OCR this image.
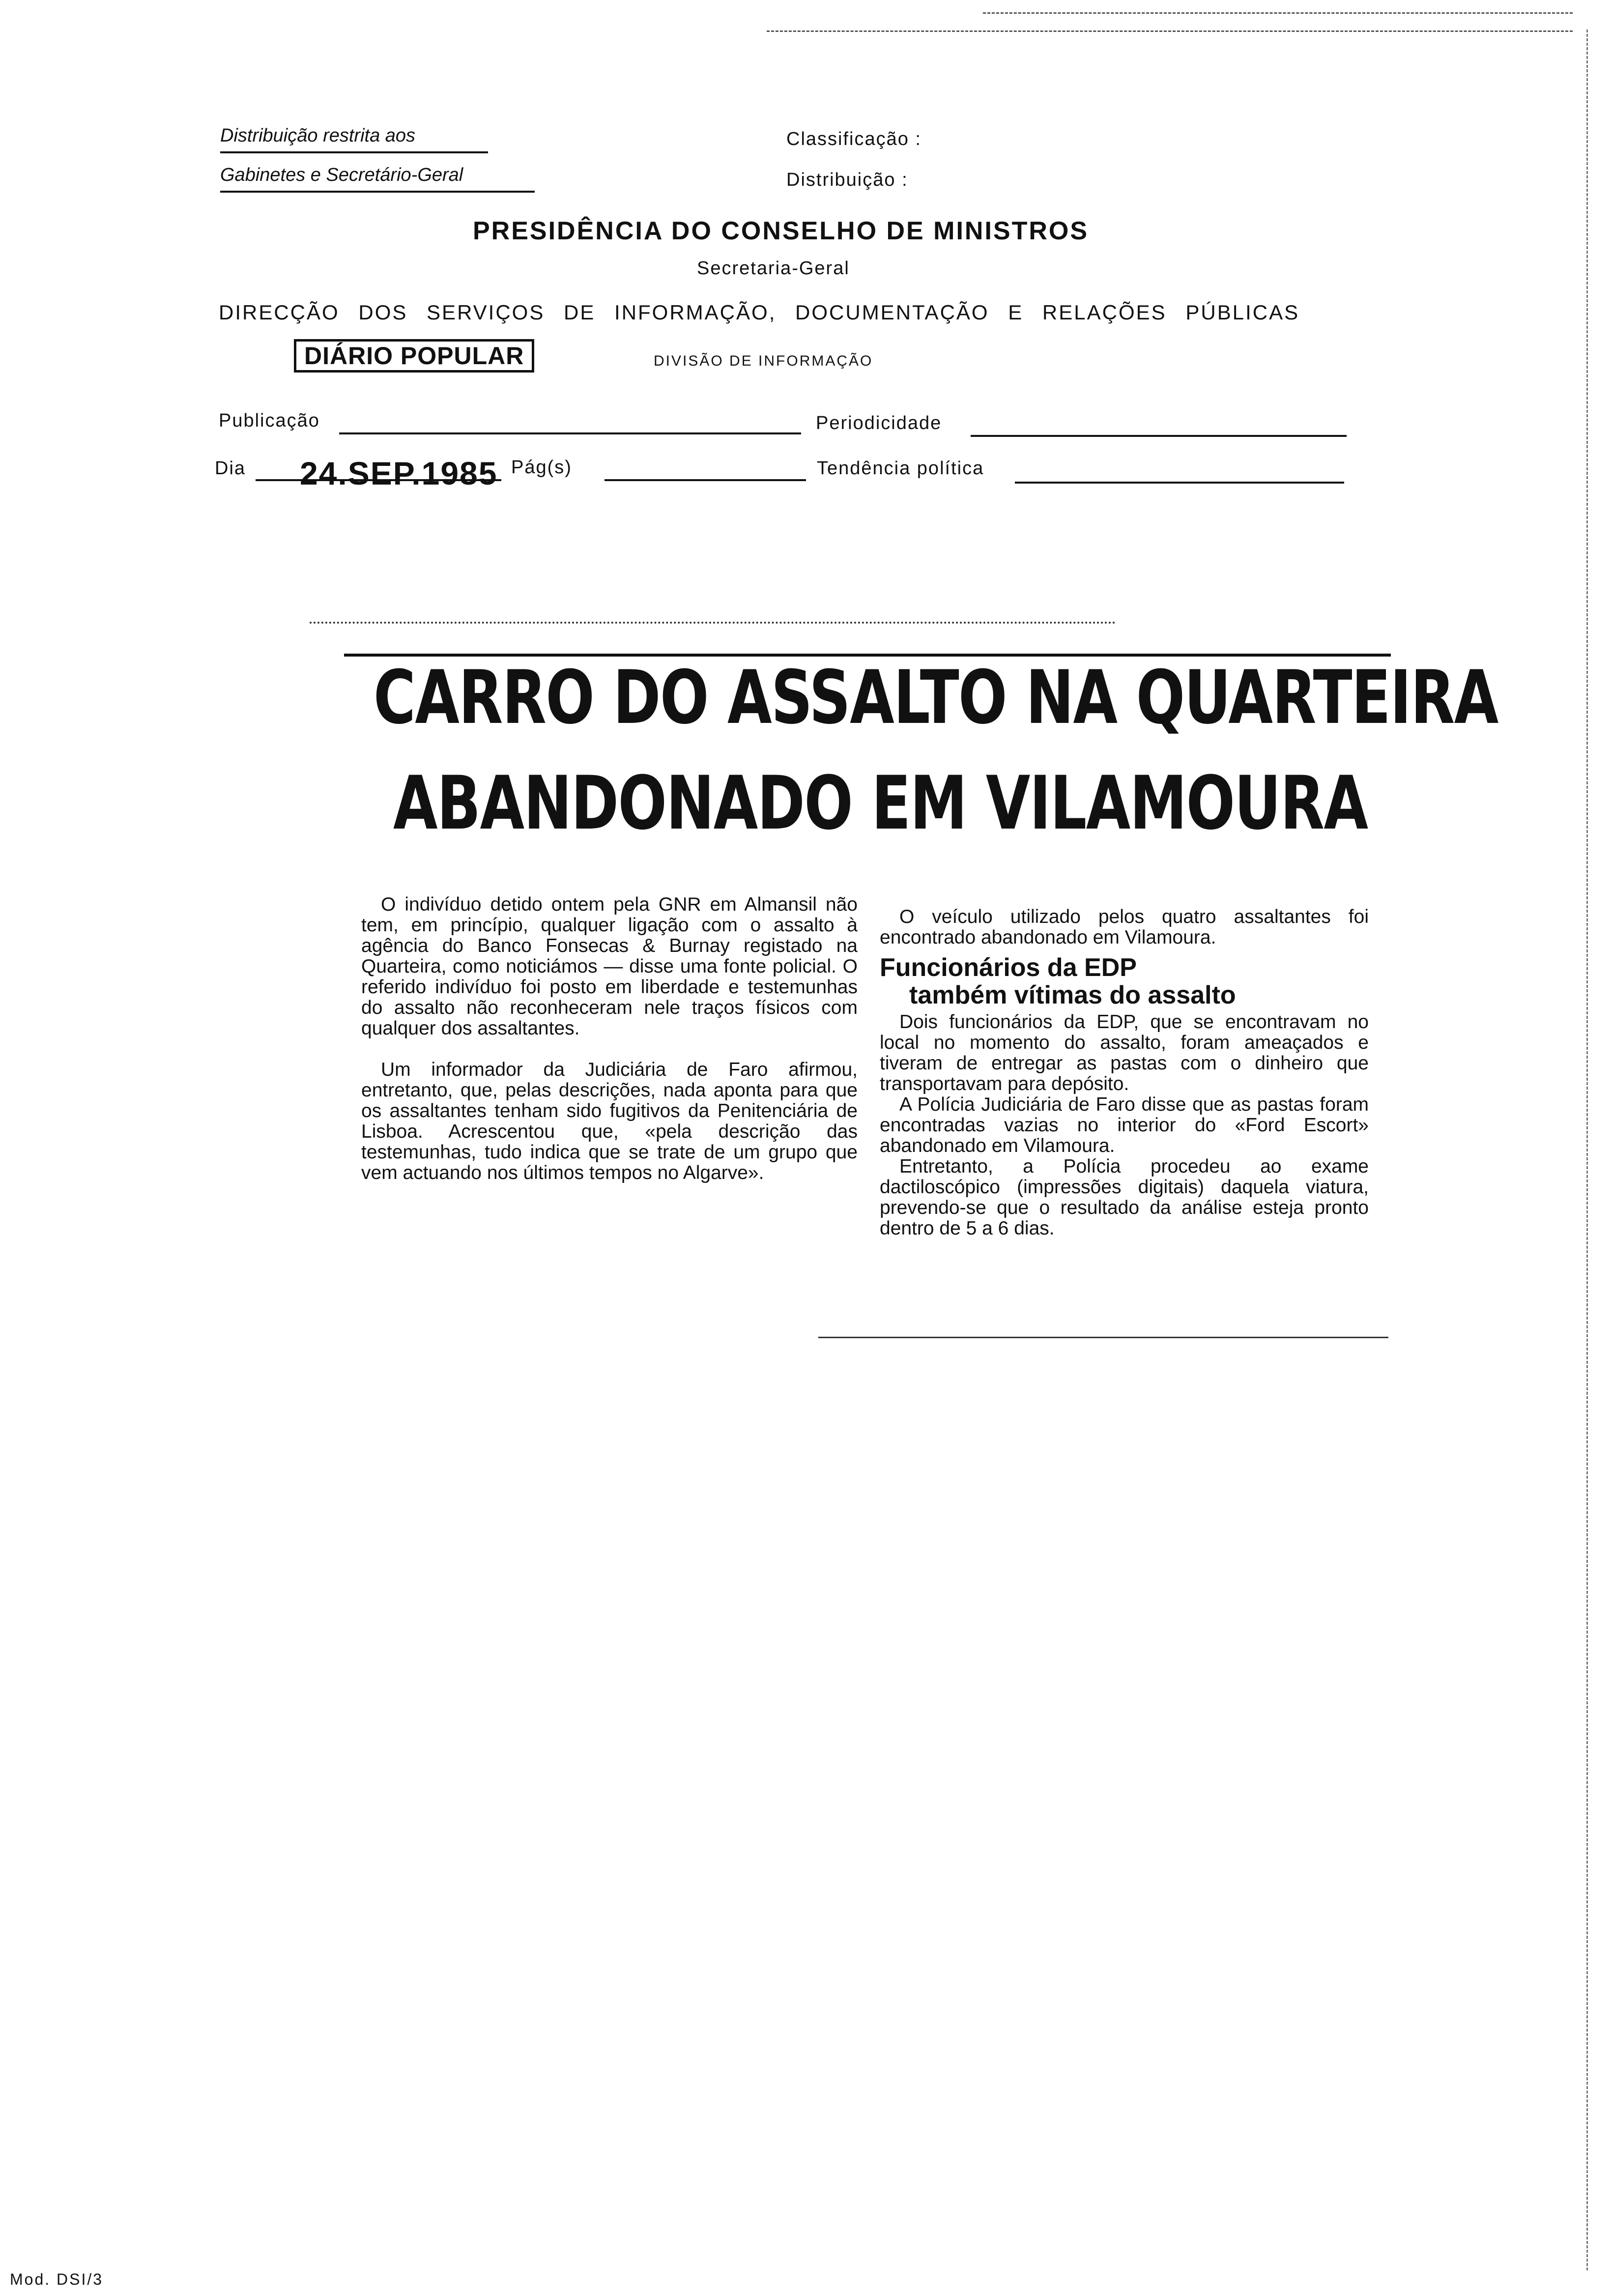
Distribuição restrita aos
Gabinetes e Secretário-Geral
Classificação :
Distribuição :
PRESIDÊNCIA DO CONSELHO DE MINISTROS
Secretaria-Geral
DIRECÇÃO DOS SERVIÇOS DE INFORMAÇÃO, DOCUMENTAÇÃO E RELAÇÕES PÚBLICAS
DIÁRIO POPULAR	DIVISÃO DE INFORMAÇÃO
Publicação	Periodicidade
Dia 24.SEP.1985 Pág(s)	Tendência política
CARRO DO ASSALTO NA QUARTEIRA
ABANDONADO EM VILAMOURA

O indivíduo detido ontem pela GNR em Almansil não tem, em princípio, qualquer ligação com o assalto à agência do Banco Fonsecas & Burnay registado na Quarteira, como noticiámos — disse uma fonte policial. O referido indivíduo foi posto em liberdade e testemunhas do assalto não reconheceram nele traços físicos com qualquer dos assaltantes.

Um informador da Judiciária de Faro afirmou, entretanto, que, pelas descrições, nada aponta para que os assaltantes tenham sido fugitivos da Penitenciária de Lisboa. Acrescentou que, «pela descrição das testemunhas, tudo indica que se trate de um grupo que vem actuando nos últimos tempos no Algarve».

O veículo utilizado pelos quatro assaltantes foi encontrado abandonado em Vilamoura.

Funcionários da EDP
também vítimas do assalto

Dois funcionários da EDP, que se encontravam no local no momento do assalto, foram ameaçados e tiveram de entregar as pastas com o dinheiro que transportavam para depósito.

A Polícia Judiciária de Faro disse que as pastas foram encontradas vazias no interior do «Ford Escort» abandonado em Vilamoura.

Entretanto, a Polícia procedeu ao exame dactiloscópico (impressões digitais) daquela viatura, prevendo-se que o resultado da análise esteja pronto dentro de 5 a 6 dias.

Mod. DSI/3
